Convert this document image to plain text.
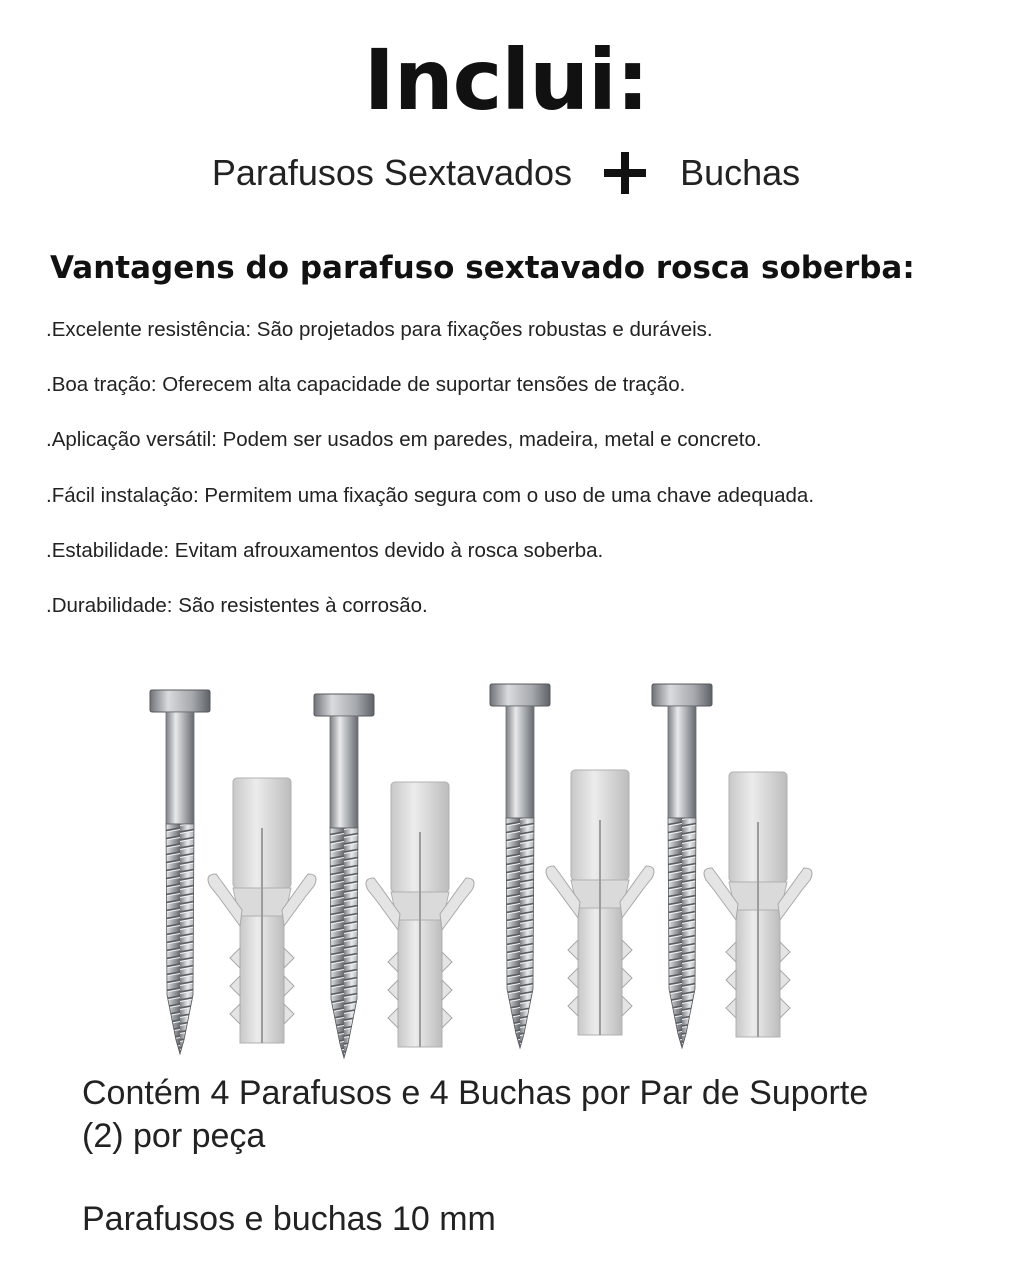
Inclui:
Parafusos Sextavados	Buchas
Vantagens do parafuso sextavado rosca soberba:
.Excelente resistência: São projetados para fixações robustas e duráveis.
.Boa tração: Oferecem alta capacidade de suportar tensões de tração.
.Aplicação versátil: Podem ser usados em paredes, madeira, metal e concreto.
.Fácil instalação: Permitem uma fixação segura com o uso de uma chave adequada.
.Estabilidade: Evitam afrouxamentos devido à rosca soberba.
.Durabilidade: São resistentes à corrosão.
Contém 4 Parafusos e 4 Buchas por Par de Suporte
(2) por peça
Parafusos e buchas 10 mm
